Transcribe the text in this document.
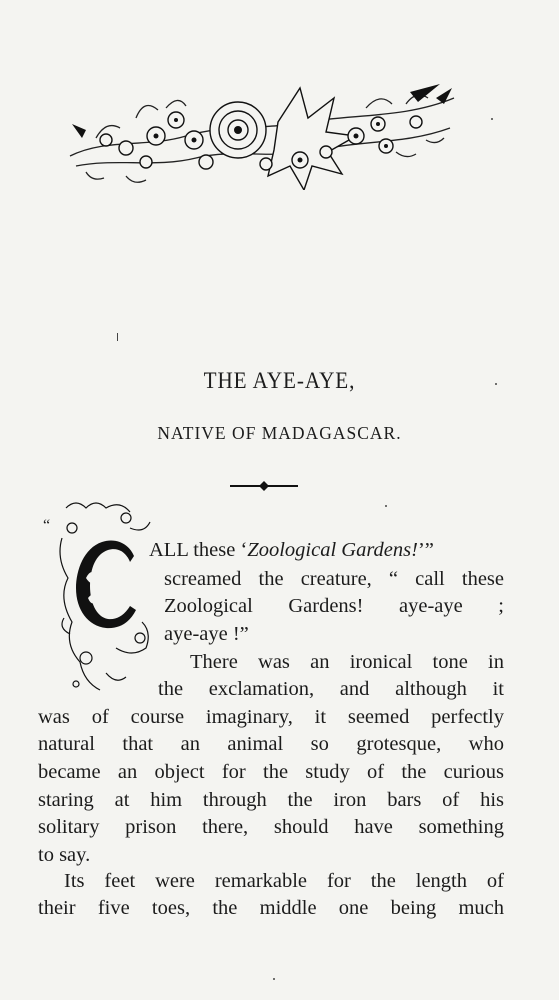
THE AYE-AYE,
NATIVE OF MADAGASCAR.
“
ALL these ‘Zoological Gardens!’”
screamed the creature, “ call these
Zoological Gardens! aye-aye ;
aye-aye !”
There was an ironical tone in
the exclamation, and although it
was of course imaginary, it seemed perfectly
natural that an animal so grotesque, who
became an object for the study of the curious
staring at him through the iron bars of his
solitary prison there, should have something
to say.
Its feet were remarkable for the length of
their five toes, the middle one being much
